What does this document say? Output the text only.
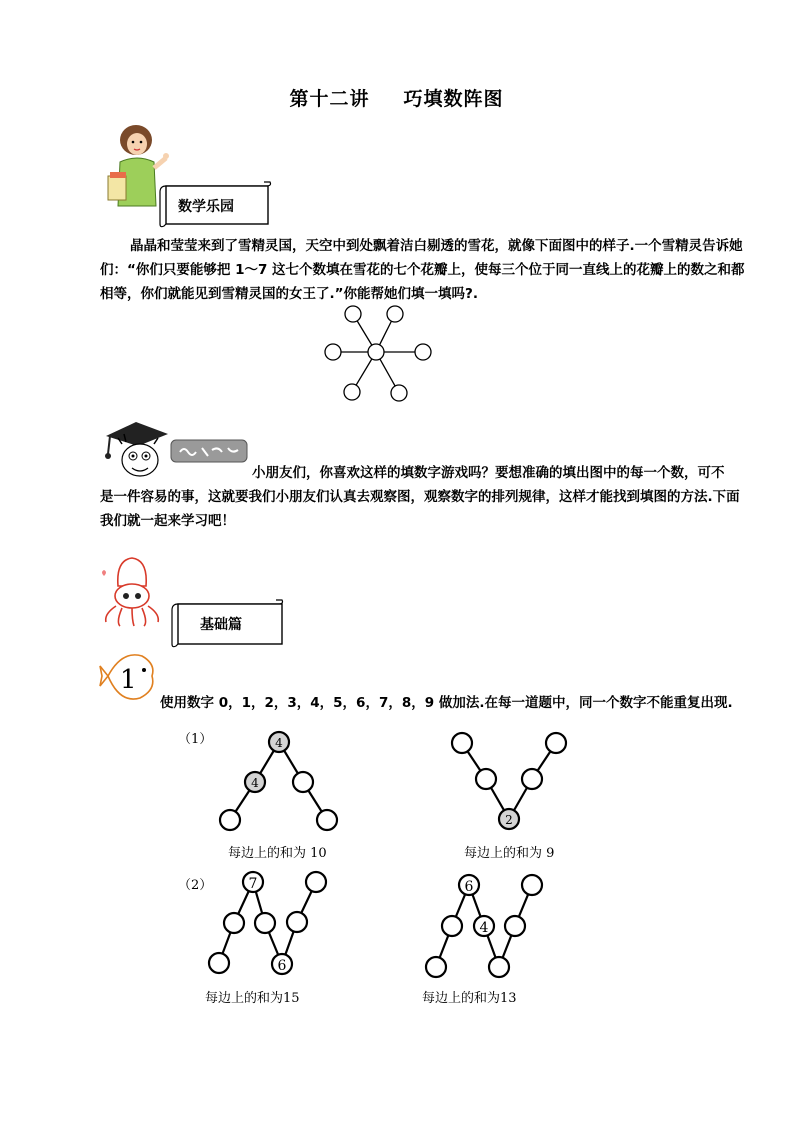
第十二讲 巧填数阵图
数学乐园
晶晶和莹莹来到了雪精灵国，天空中到处飘着洁白剔透的雪花，就像下面图中的样子.一个雪精灵告诉她们：“你们只要能够把 1～7 这七个数填在雪花的七个花瓣上，使每三个位于同一直线上的花瓣上的数之和都相等，你们就能见到雪精灵国的女王了.”你能帮她们填一填吗?.
小朋友们，你喜欢这样的填数字游戏吗？要想准确的填出图中的每一个数，可不
是一件容易的事，这就要我们小朋友们认真去观察图，观察数字的排列规律，这样才能找到填图的方法.下面我们就一起来学习吧！
基础篇
1
使用数字 0，1，2，3，4，5，6，7，8，9 做加法.在每一道题中，同一个数字不能重复出现.
（1）	4
4
每边上的和为 10
2
每边上的和为 9
（2）	7
6
每边上的和为15
6
4
每边上的和为13
